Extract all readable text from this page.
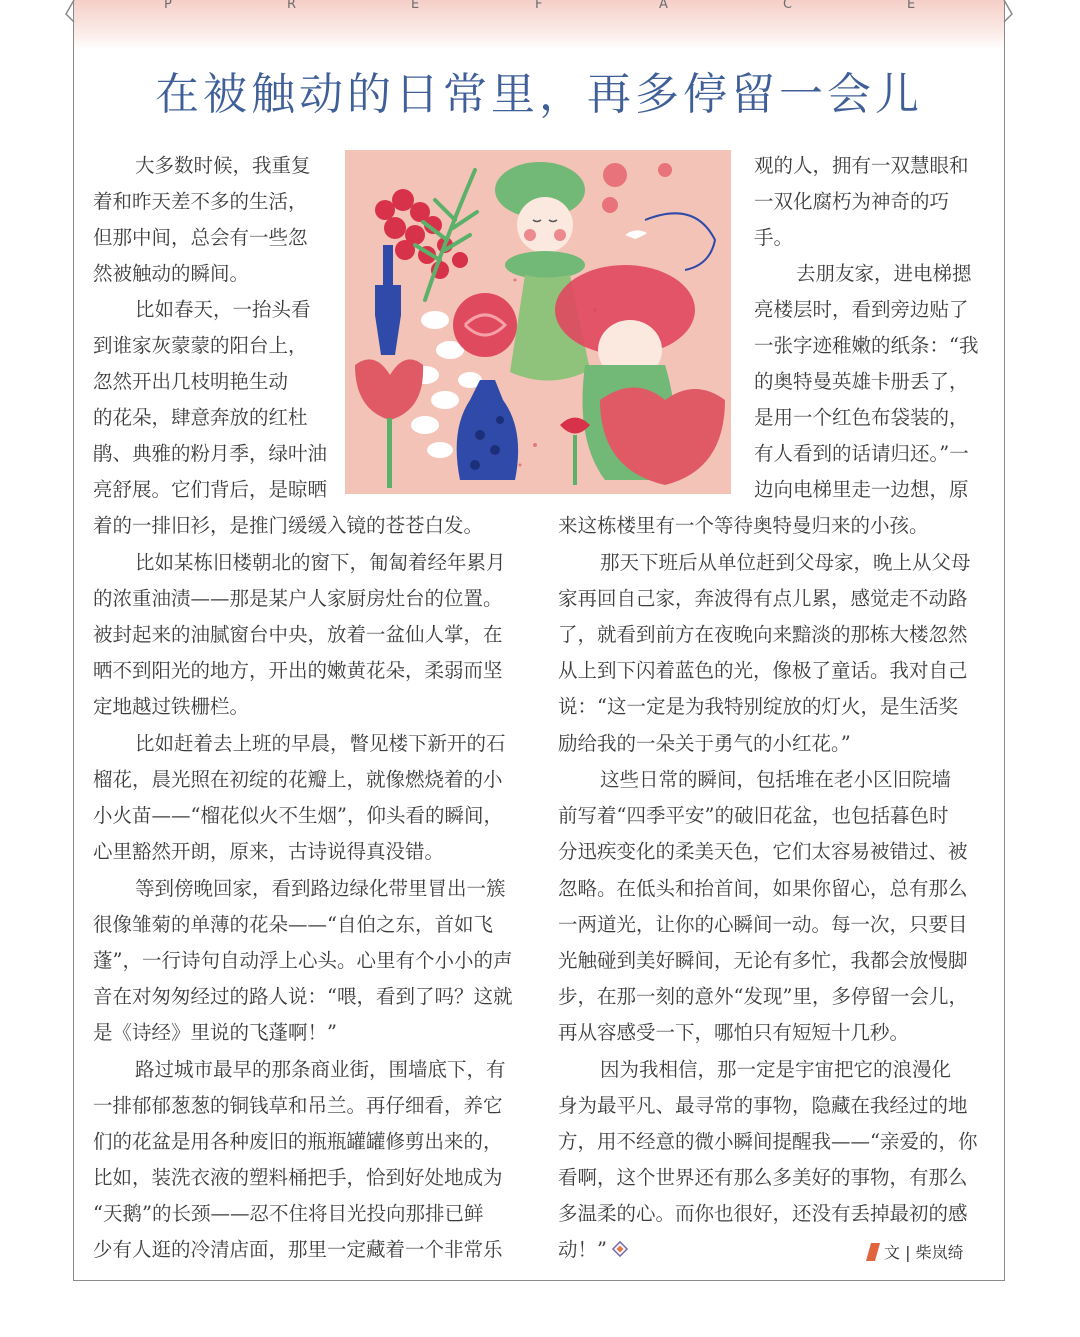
P	R	E	F	A	C	E
在被触动的日常里，再多停留一会儿
大多数时候，我重复
着和昨天差不多的生活，
但那中间，总会有一些忽
然被触动的瞬间。
比如春天，一抬头看
到谁家灰蒙蒙的阳台上，
忽然开出几枝明艳生动
的花朵，肆意奔放的红杜
鹃、典雅的粉月季，绿叶油
亮舒展。它们背后，是晾晒
着的一排旧衫，是推门缓缓入镜的苍苍白发。
比如某栋旧楼朝北的窗下，匍匐着经年累月
的浓重油渍——那是某户人家厨房灶台的位置。
被封起来的油腻窗台中央，放着一盆仙人掌，在
晒不到阳光的地方，开出的嫩黄花朵，柔弱而坚
定地越过铁栅栏。
比如赶着去上班的早晨，瞥见楼下新开的石
榴花，晨光照在初绽的花瓣上，就像燃烧着的小
小火苗——“榴花似火不生烟”，仰头看的瞬间，
心里豁然开朗，原来，古诗说得真没错。
等到傍晚回家，看到路边绿化带里冒出一簇
很像雏菊的单薄的花朵——“自伯之东，首如飞
蓬”，一行诗句自动浮上心头。心里有个小小的声
音在对匆匆经过的路人说：“喂，看到了吗？这就
是《诗经》里说的飞蓬啊！”
路过城市最早的那条商业街，围墙底下，有
一排郁郁葱葱的铜钱草和吊兰。再仔细看，养它
们的花盆是用各种废旧的瓶瓶罐罐修剪出来的，
比如，装洗衣液的塑料桶把手，恰到好处地成为
“天鹅”的长颈——忍不住将目光投向那排已鲜
少有人逛的冷清店面，那里一定藏着一个非常乐
观的人，拥有一双慧眼和
一双化腐朽为神奇的巧
手。
去朋友家，进电梯摁
亮楼层时，看到旁边贴了
一张字迹稚嫩的纸条：“我
的奥特曼英雄卡册丢了，
是用一个红色布袋装的，
有人看到的话请归还。”一
边向电梯里走一边想，原
来这栋楼里有一个等待奥特曼归来的小孩。
那天下班后从单位赶到父母家，晚上从父母
家再回自己家，奔波得有点儿累，感觉走不动路
了，就看到前方在夜晚向来黯淡的那栋大楼忽然
从上到下闪着蓝色的光，像极了童话。我对自己
说：“这一定是为我特别绽放的灯火，是生活奖
励给我的一朵关于勇气的小红花。”
这些日常的瞬间，包括堆在老小区旧院墙
前写着“四季平安”的破旧花盆，也包括暮色时
分迅疾变化的柔美天色，它们太容易被错过、被
忽略。在低头和抬首间，如果你留心，总有那么
一两道光，让你的心瞬间一动。每一次，只要目
光触碰到美好瞬间，无论有多忙，我都会放慢脚
步，在那一刻的意外“发现”里，多停留一会儿，
再从容感受一下，哪怕只有短短十几秒。
因为我相信，那一定是宇宙把它的浪漫化
身为最平凡、最寻常的事物，隐藏在我经过的地
方，用不经意的微小瞬间提醒我——“亲爱的，你
看啊，这个世界还有那么多美好的事物，有那么
多温柔的心。而你也很好，还没有丢掉最初的感
动！”	文 | 柴岚绮
